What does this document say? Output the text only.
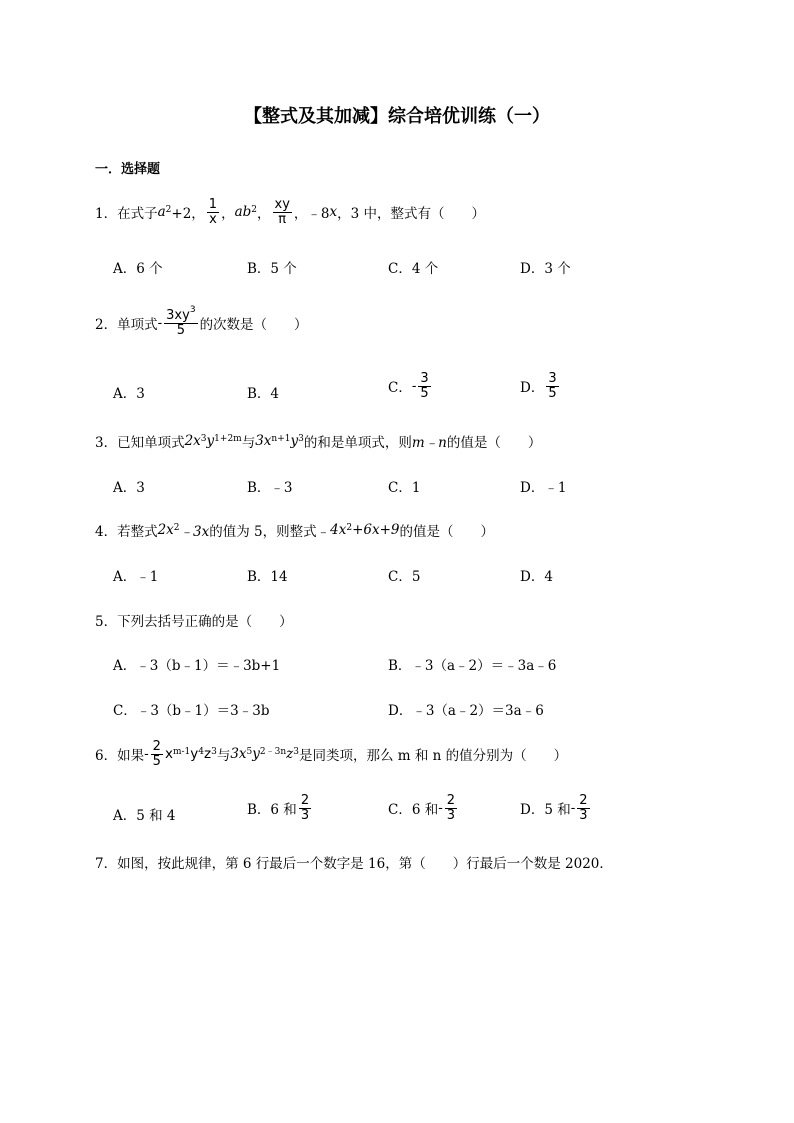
【整式及其加减】综合培优训练（一）
一．选择题
1．在式子 $a^2 +2$， $\frac{1}{x}$ ， $ab^2$ ， $\frac{xy}{\pi}$ ，﹣8 x ，3 中，整式有（　　）
A．6 个	B．5 个	C．4 个	D．3 个
2．单项式 - $\frac{3xy^3}{5}$ 的次数是（　　）
A．3	B．4	C． - $\frac{3}{5}$	D． $\frac{3}{5}$
3．已知单项式 $2x^3$ $y^{1+2m}$ 与 $3x^{n+1}$ $y^3$ 的和是单项式，则 m﹣n 的值是（　　）
A．3	B．﹣3	C．1	D．﹣1
4．若整式 $2x^2$ ﹣3x 的值为 5，则整式﹣ $4x^2 +6x+9$ 的值是（　　）
A．﹣1	B．14	C．5	D．4
5．下列去括号正确的是（　　）
A．﹣3（b﹣1）＝﹣3b+1	B．﹣3（a﹣2）＝﹣3a﹣6
C．﹣3（b﹣1）＝3﹣3b	D．﹣3（a﹣2）＝3a﹣6
6．如果 - $\frac{2}{5} x^{m-1}$ $y^4$ $z^3$ 与 $3x^5$ $y^{2﹣3n}$ $z^3$ 是同类项，那么 m 和 n 的值分别为（　　）
A．5 和 4	B．6 和 $\frac{2}{3}$	C．6 和 - $\frac{2}{3}$	D．5 和 - $\frac{2}{3}$
7．如图，按此规律，第 6 行最后一个数字是 16，第（　　）行最后一个数是 2020．
